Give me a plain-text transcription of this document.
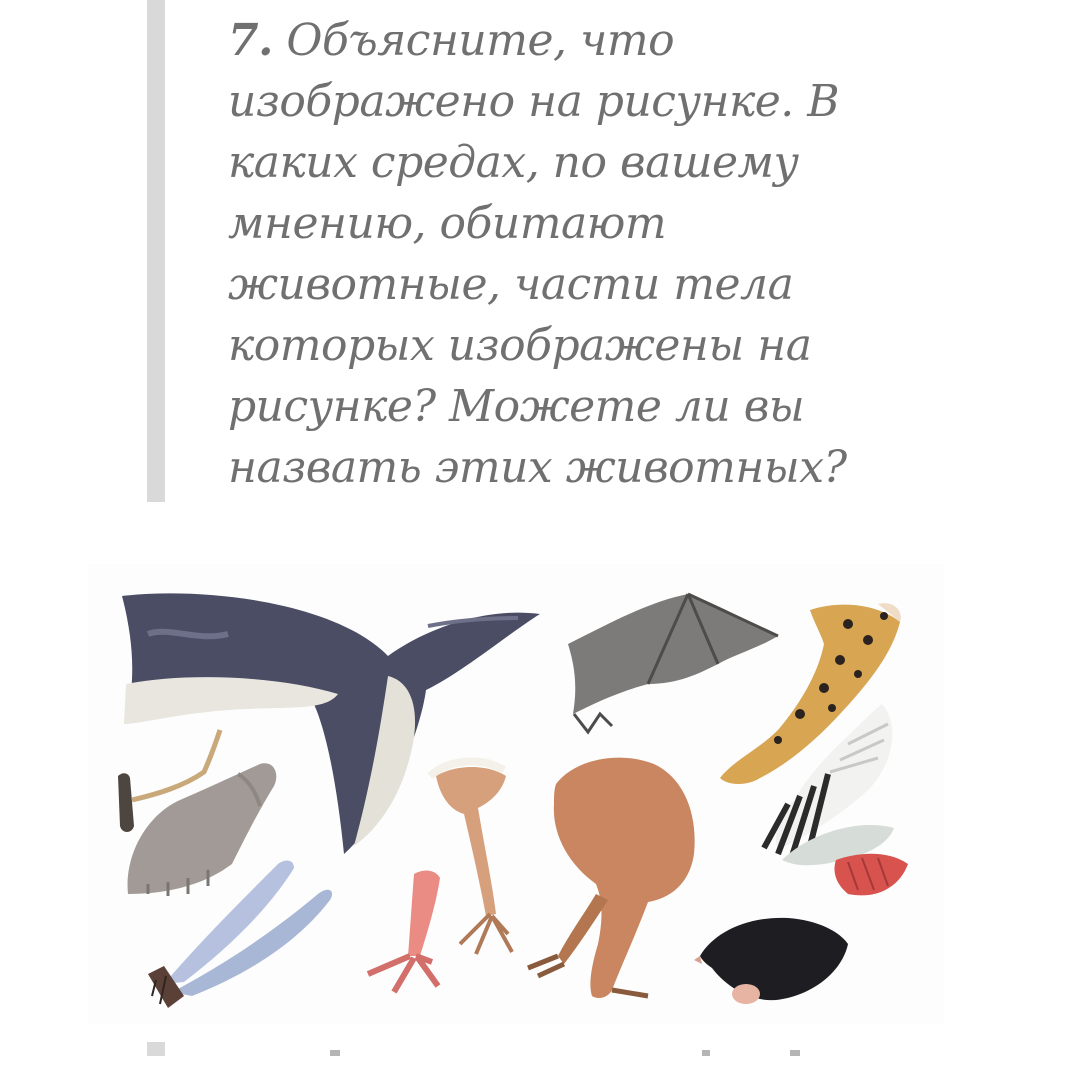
7. Объясните, что
изображено на рисунке. В
каких средах, по вашему
мнению, обитают
животные, части тела
которых изображены на
рисунке? Можете ли вы
назвать этих животных?
